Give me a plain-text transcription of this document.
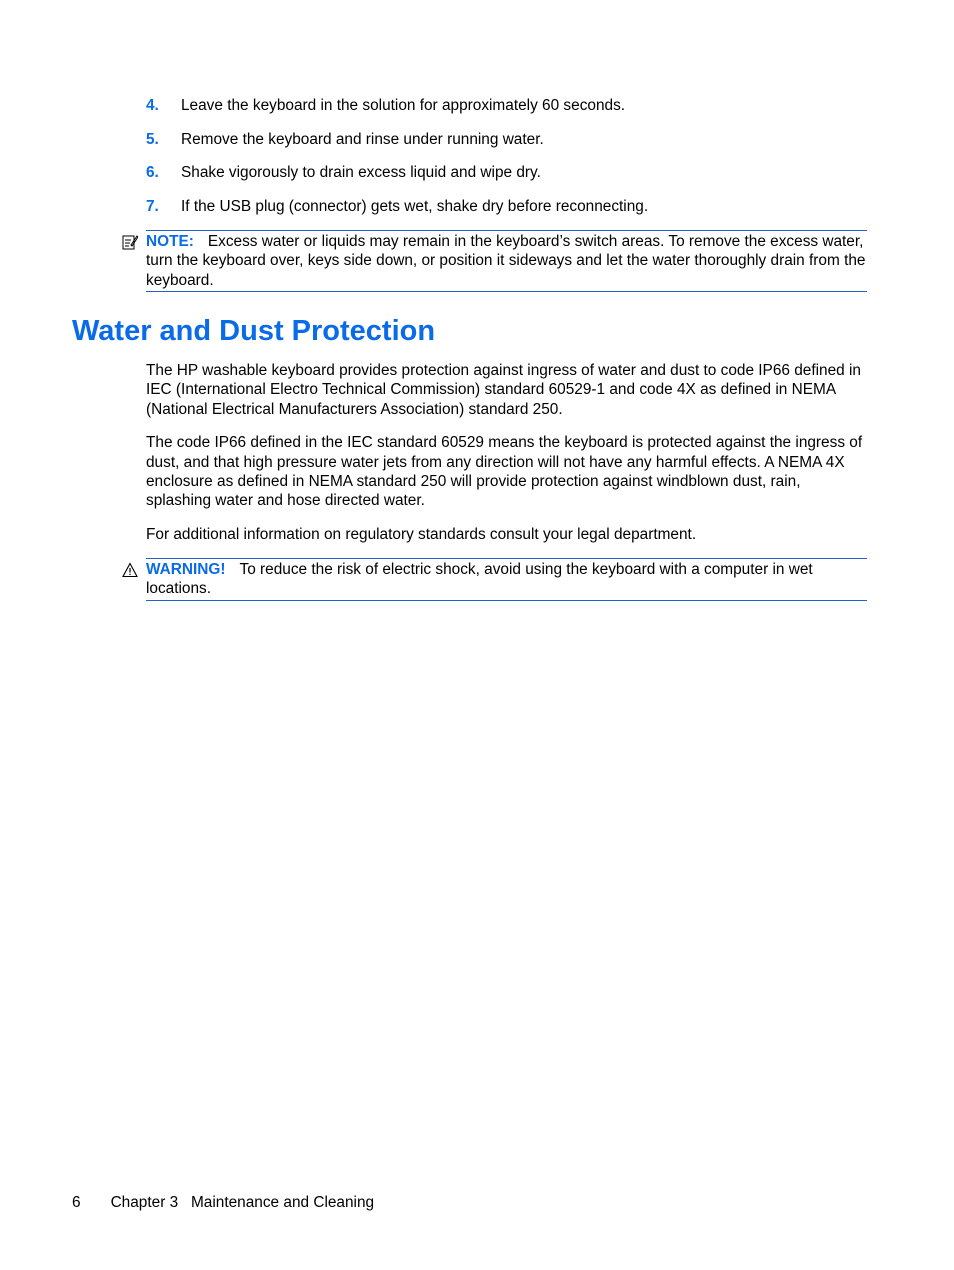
4. Leave the keyboard in the solution for approximately 60 seconds.
5. Remove the keyboard and rinse under running water.
6. Shake vigorously to drain excess liquid and wipe dry.
7. If the USB plug (connector) gets wet, shake dry before reconnecting.
NOTE: Excess water or liquids may remain in the keyboard’s switch areas. To remove the excess water, turn the keyboard over, keys side down, or position it sideways and let the water thoroughly drain from the keyboard.
Water and Dust Protection

The HP washable keyboard provides protection against ingress of water and dust to code IP66 defined in IEC (International Electro Technical Commission) standard 60529-1 and code 4X as defined in NEMA (National Electrical Manufacturers Association) standard 250.

The code IP66 defined in the IEC standard 60529 means the keyboard is protected against the ingress of dust, and that high pressure water jets from any direction will not have any harmful effects. A NEMA 4X enclosure as defined in NEMA standard 250 will provide protection against windblown dust, rain, splashing water and hose directed water.

For additional information on regulatory standards consult your legal department.

WARNING! To reduce the risk of electric shock, avoid using the keyboard with a computer in wet locations.
6 Chapter 3   Maintenance and Cleaning
